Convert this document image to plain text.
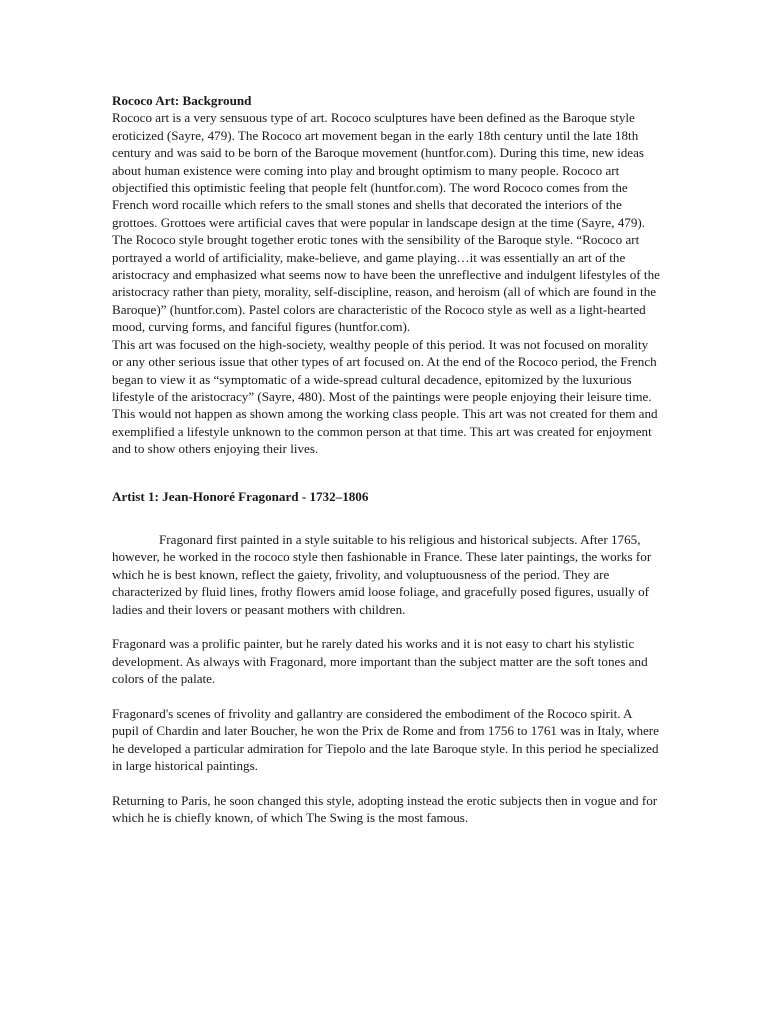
Rococo Art: Background

Rococo art is a very sensuous type of art. Rococo sculptures have been defined as the Baroque style eroticized (Sayre, 479). The Rococo art movement began in the early 18th century until the late 18th century and was said to be born of the Baroque movement (huntfor.com). During this time, new ideas about human existence were coming into play and brought optimism to many people. Rococo art objectified this optimistic feeling that people felt (huntfor.com). The word Rococo comes from the French word rocaille which refers to the small stones and shells that decorated the interiors of the grottoes. Grottoes were artificial caves that were popular in landscape design at the time (Sayre, 479). The Rococo style brought together erotic tones with the sensibility of the Baroque style. “Rococo art portrayed a world of artificiality, make-believe, and game playing…it was essentially an art of the aristocracy and emphasized what seems now to have been the unreflective and indulgent lifestyles of the aristocracy rather than piety, morality, self-discipline, reason, and heroism (all of which are found in the Baroque)” (huntfor.com). Pastel colors are characteristic of the Rococo style as well as a light-hearted mood, curving forms, and fanciful figures (huntfor.com).

This art was focused on the high-society, wealthy people of this period. It was not focused on morality or any other serious issue that other types of art focused on. At the end of the Rococo period, the French began to view it as “symptomatic of a wide-spread cultural decadence, epitomized by the luxurious lifestyle of the aristocracy” (Sayre, 480). Most of the paintings were people enjoying their leisure time. This would not happen as shown among the working class people. This art was not created for them and exemplified a lifestyle unknown to the common person at that time. This art was created for enjoyment and to show others enjoying their lives.

Artist 1: Jean-Honoré Fragonard - 1732–1806

Fragonard first painted in a style suitable to his religious and historical subjects. After 1765, however, he worked in the rococo style then fashionable in France. These later paintings, the works for which he is best known, reflect the gaiety, frivolity, and voluptuousness of the period. They are characterized by fluid lines, frothy flowers amid loose foliage, and gracefully posed figures, usually of ladies and their lovers or peasant mothers with children.

Fragonard was a prolific painter, but he rarely dated his works and it is not easy to chart his stylistic development. As always with Fragonard, more important than the subject matter are the soft tones and colors of the palate.

Fragonard's scenes of frivolity and gallantry are considered the embodiment of the Rococo spirit. A pupil of Chardin and later Boucher, he won the Prix de Rome and from 1756 to 1761 was in Italy, where he developed a particular admiration for Tiepolo and the late Baroque style. In this period he specialized in large historical paintings.

Returning to Paris, he soon changed this style, adopting instead the erotic subjects then in vogue and for which he is chiefly known, of which The Swing is the most famous.
